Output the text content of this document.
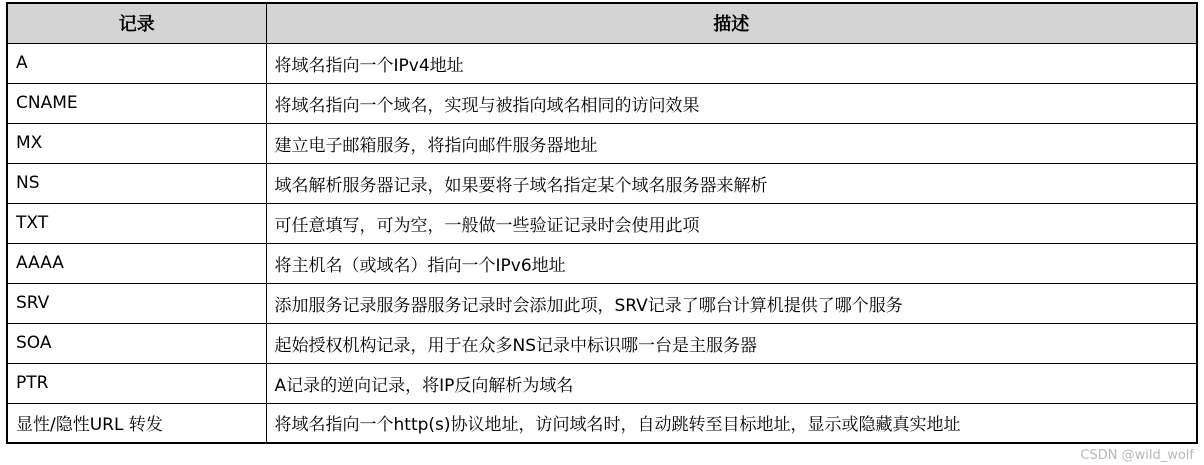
记录	描述
A	将域名指向一个IPv4地址
CNAME	将域名指向一个域名，实现与被指向域名相同的访问效果
MX	建立电子邮箱服务，将指向邮件服务器地址
NS	域名解析服务器记录，如果要将子域名指定某个域名服务器来解析
TXT	可任意填写，可为空，一般做一些验证记录时会使用此项
AAAA	将主机名（或域名）指向一个IPv6地址
SRV	添加服务记录服务器服务记录时会添加此项，SRV记录了哪台计算机提供了哪个服务
SOA	起始授权机构记录，用于在众多NS记录中标识哪一台是主服务器
PTR	A记录的逆向记录，将IP反向解析为域名
显性/隐性URL 转发	将域名指向一个http(s)协议地址，访问域名时，自动跳转至目标地址，显示或隐藏真实地址
CSDN @wild_wolf
